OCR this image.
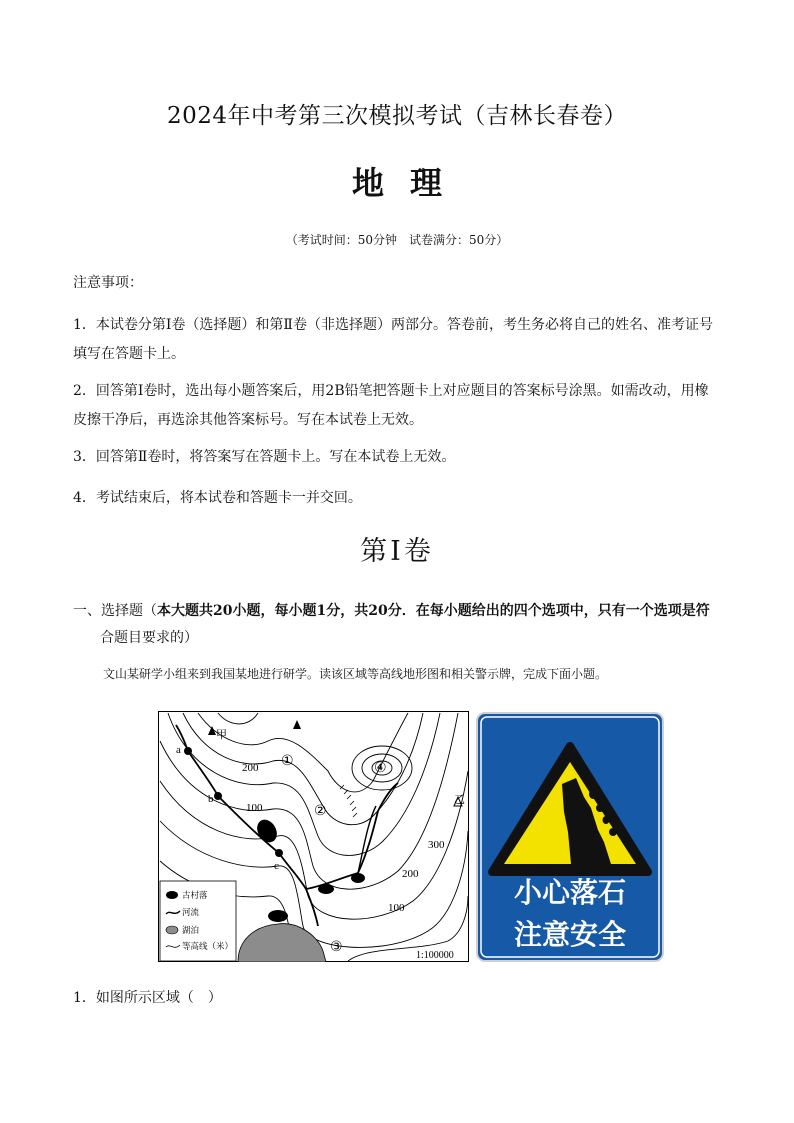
2024年中考第三次模拟考试（吉林长春卷）
地理
（考试时间：50分钟　试卷满分：50分）
注意事项：
1．本试卷分第Ⅰ卷（选择题）和第Ⅱ卷（非选择题）两部分。答卷前，考生务必将自己的姓名、准考证号
填写在答题卡上。
2．回答第Ⅰ卷时，选出每小题答案后，用2B铅笔把答题卡上对应题目的答案标号涂黑。如需改动，用橡
皮擦干净后，再选涂其他答案标号。写在本试卷上无效。
3．回答第Ⅱ卷时，将答案写在答题卡上。写在本试卷上无效。
4．考试结束后，将本试卷和答题卡一并交回。
第Ⅰ卷
一、选择题（本大题共20小题，每小题1分，共20分．在每小题给出的四个选项中，只有一个选项是符
合题目要求的）
文山某研学小组来到我国某地进行研学。读该区域等高线地形图和相关警示牌，完成下面小题。
甲
乙
a
b
c
200
100
300
200
100
1:100000
①
②
③
④
古村落
河流
湖泊
等高线（米）
小心落石
注意安全
1．如图所示区域（　）
